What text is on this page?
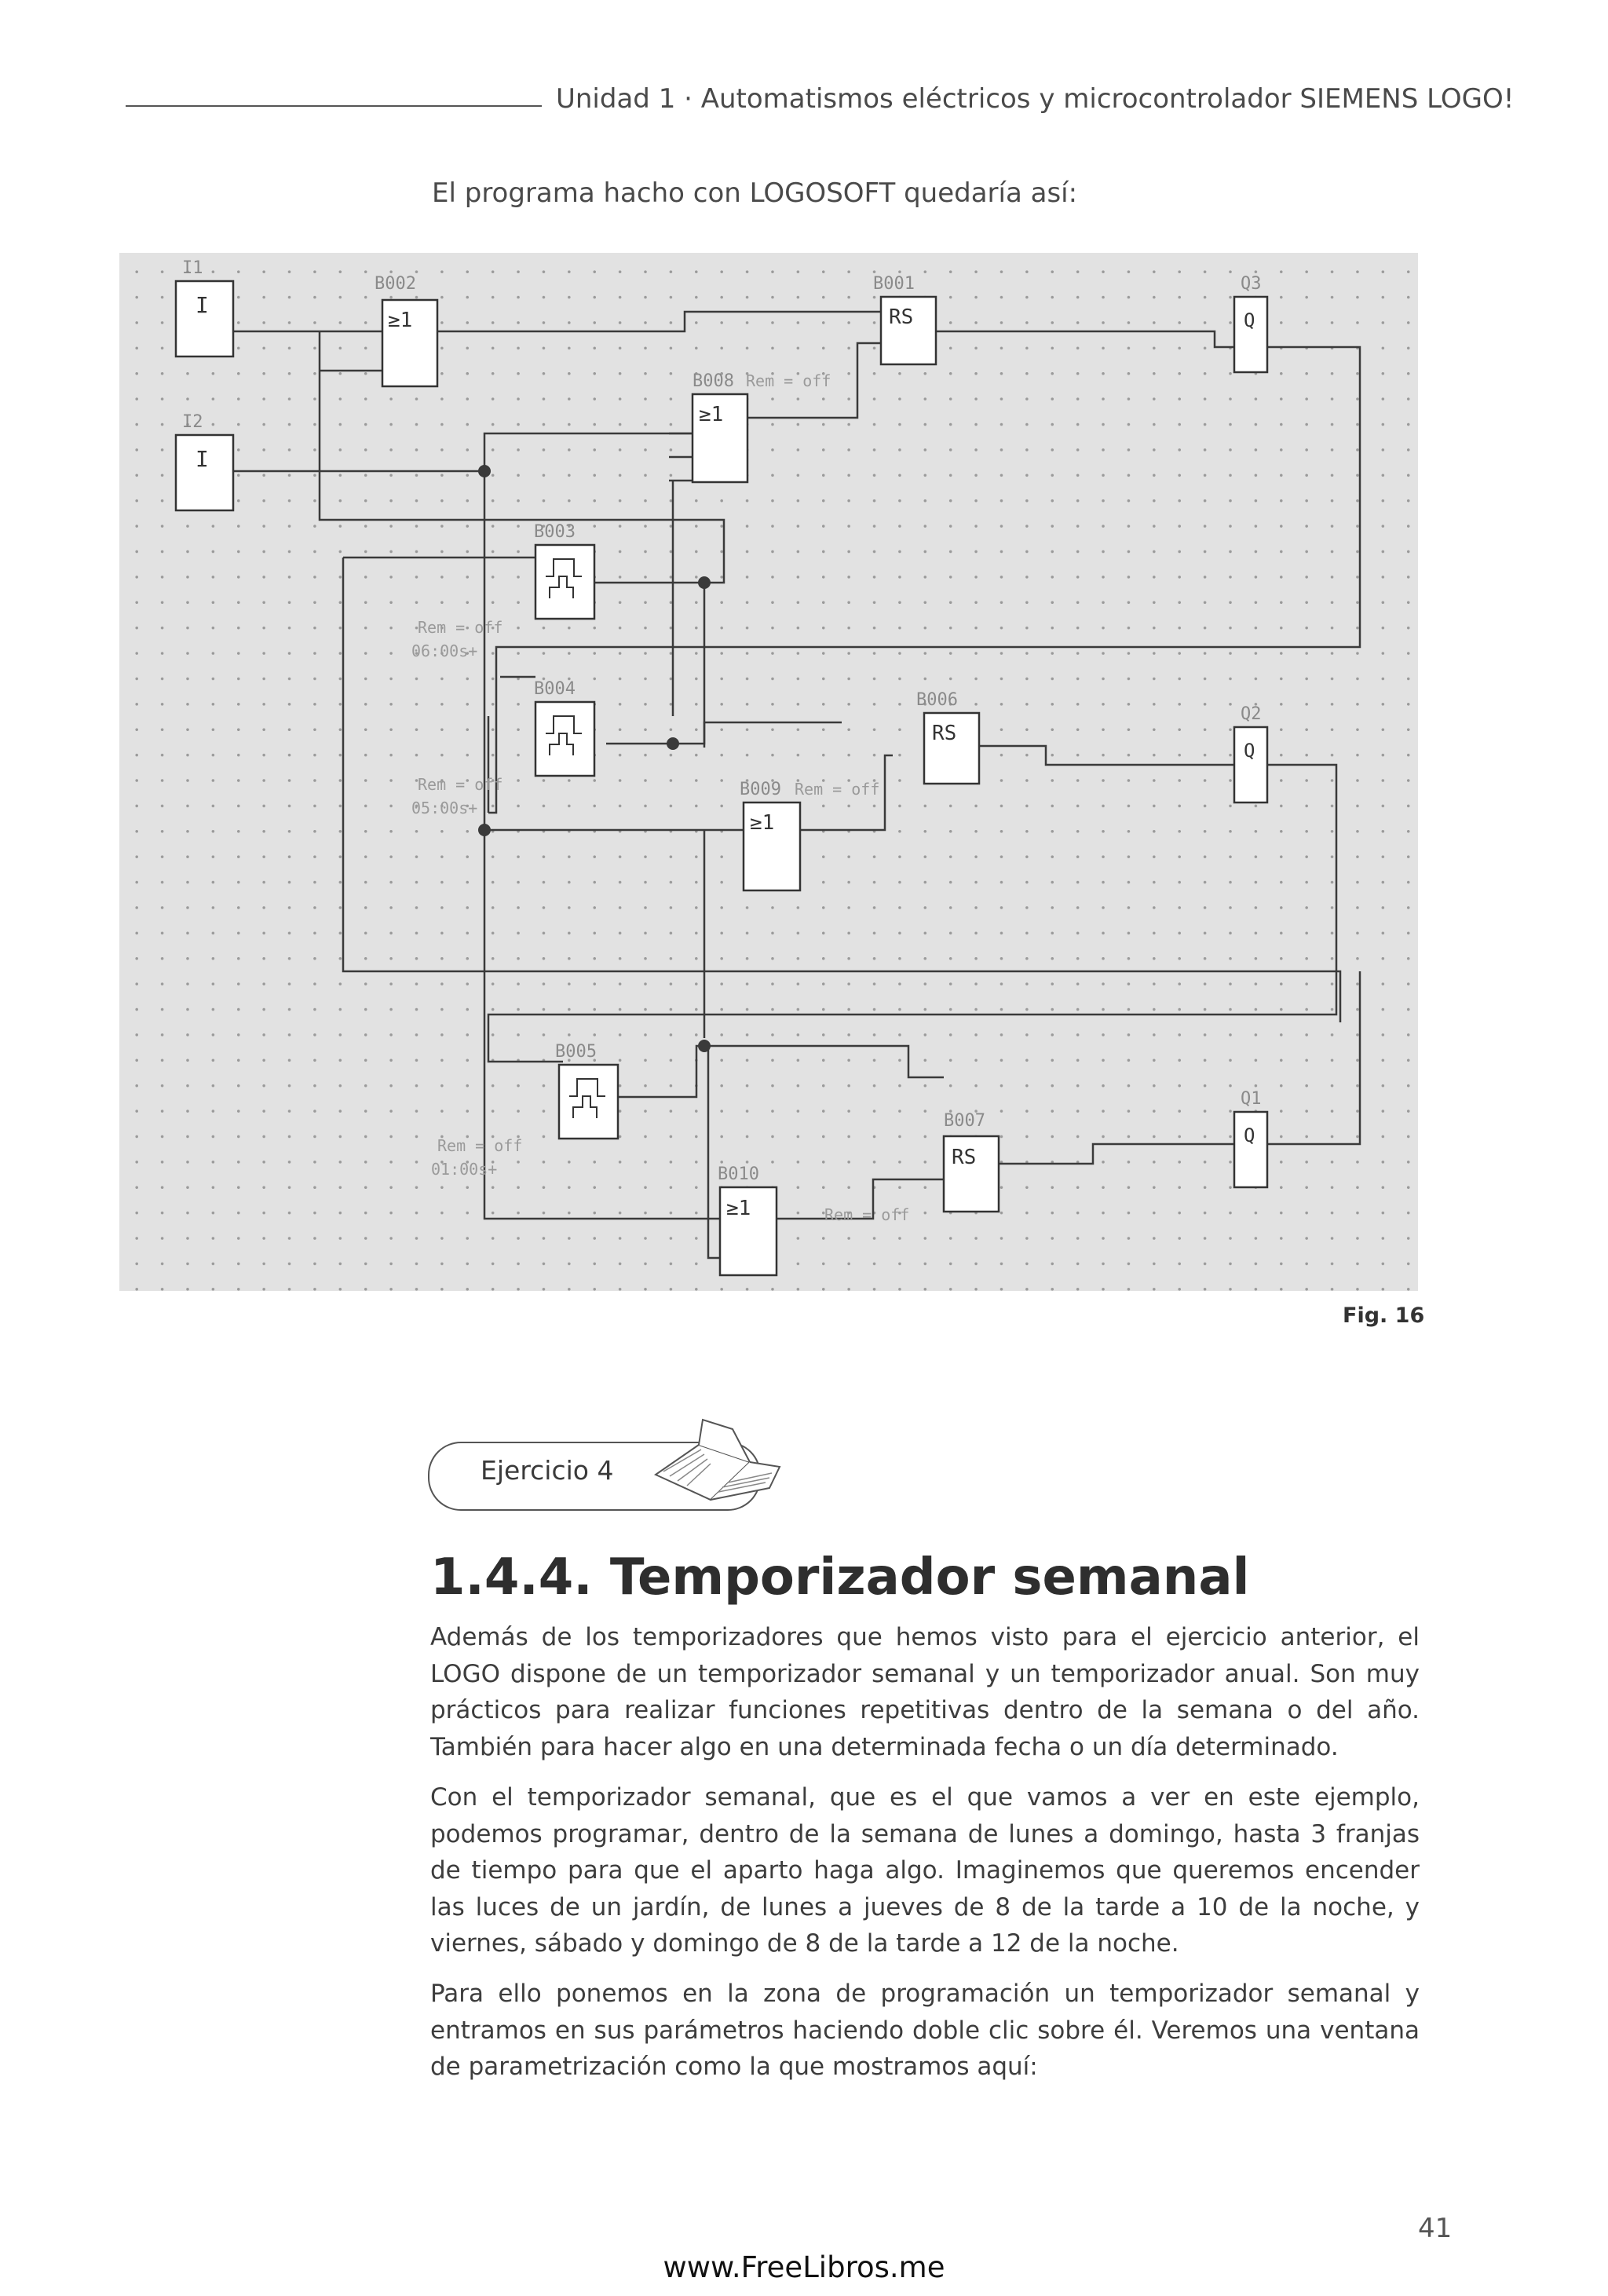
Unidad 1 · Automatismos eléctricos y microcontrolador SIEMENS LOGO!
El programa hacho con LOGOSOFT quedaría así:
I1
I
I2
I
B002
≥1
B008 Rem = off
≥1
B009 Rem = off
≥1
B010
≥1
B001
RS
B006
RS
B007
Rem = off
RS
B003
Rem = off
06:00s+
B004
Rem = off
05:00s+
B005
Rem = off
01:00s+
Q3
Q
Q2
Q
Q1
Q
Fig. 16
Ejercicio 4
1.4.4. Temporizador semanal
Además de los temporizadores que hemos visto para el ejercicio anterior, el LOGO dispone de un temporizador semanal y un temporizador anual. Son muy prácticos para realizar funciones repetitivas dentro de la semana o del año. También para hacer algo en una determinada fecha o un día determinado.
Con el temporizador semanal, que es el que vamos a ver en este ejemplo, podemos programar, dentro de la semana de lunes a domingo, hasta 3 franjas de tiempo para que el aparto haga algo. Imaginemos que queremos encender las luces de un jardín, de lunes a jueves de 8 de la tarde a 10 de la noche, y viernes, sábado y domingo de 8 de la tarde a 12 de la noche.
Para ello ponemos en la zona de programación un temporizador semanal y entramos en sus parámetros haciendo doble clic sobre él. Veremos una ventana de parametrización como la que mostramos aquí:
41
www.FreeLibros.me
